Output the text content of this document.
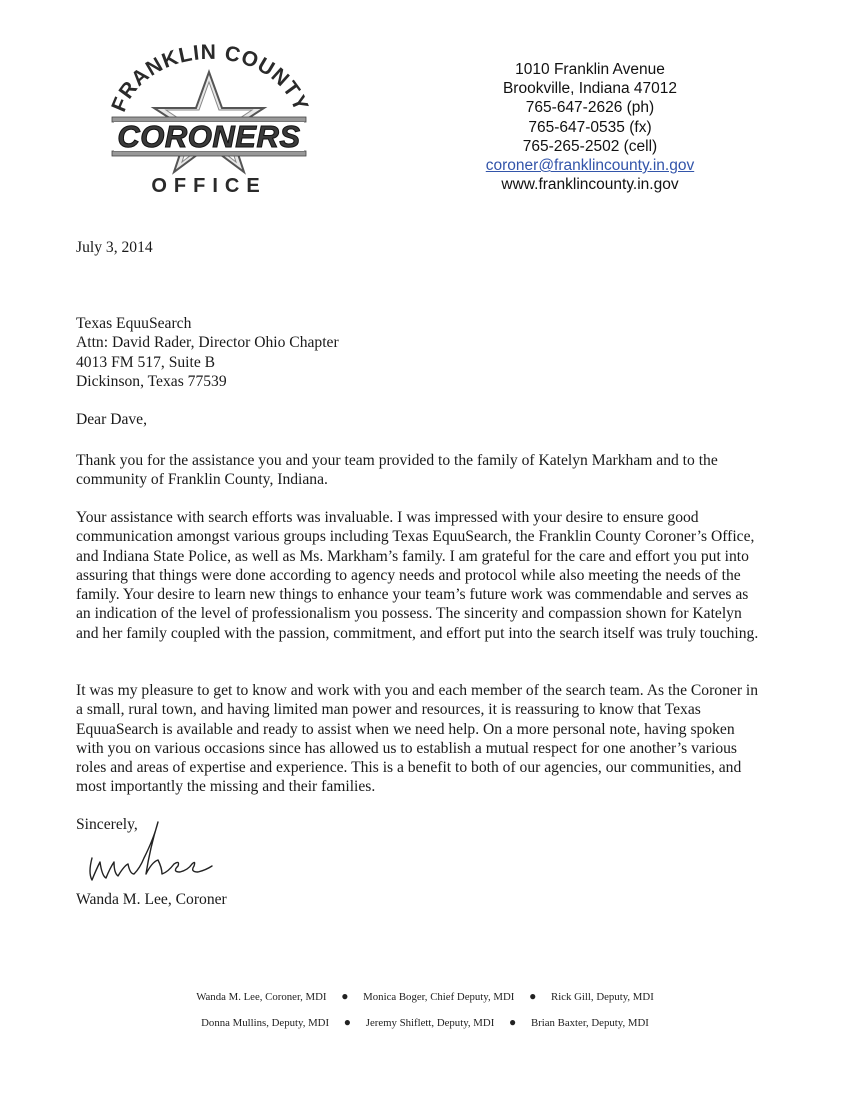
FRANKLIN COUNTY
CORONERS
OFFICE
1010 Franklin Avenue
Brookville, Indiana 47012
765-647-2626 (ph)
765-647-0535 (fx)
765-265-2502 (cell)
coroner@franklincounty.in.gov
www.franklincounty.in.gov
July 3, 2014
Texas EquuSearch
Attn: David Rader, Director Ohio Chapter
4013 FM 517, Suite B
Dickinson, Texas 77539
Dear Dave,

Thank you for the assistance you and your team provided to the family of Katelyn Markham and to the community of Franklin County, Indiana.

Your assistance with search efforts was invaluable. I was impressed with your desire to ensure good communication amongst various groups including Texas EquuSearch, the Franklin County Coroner’s Office, and Indiana State Police, as well as Ms. Markham’s family. I am grateful for the care and effort you put into assuring that things were done according to agency needs and protocol while also meeting the needs of the family. Your desire to learn new things to enhance your team’s future work was commendable and serves as an indication of the level of professionalism you possess. The sincerity and compassion shown for Katelyn and her family coupled with the passion, commitment, and effort put into the search itself was truly touching.

It was my pleasure to get to know and work with you and each member of the search team. As the Coroner in a small, rural town, and having limited man power and resources, it is reassuring to know that Texas EquuaSearch is available and ready to assist when we need help. On a more personal note, having spoken with you on various occasions since has allowed us to establish a mutual respect for one another’s various roles and areas of expertise and experience. This is a benefit to both of our agencies, our communities, and most importantly the missing and their families.

Sincerely,
Wanda M. Lee, Coroner
Wanda M. Lee, Coroner, MDI ● Monica Boger, Chief Deputy, MDI ● Rick Gill, Deputy, MDI
Donna Mullins, Deputy, MDI ● Jeremy Shiflett, Deputy, MDI ● Brian Baxter, Deputy, MDI
